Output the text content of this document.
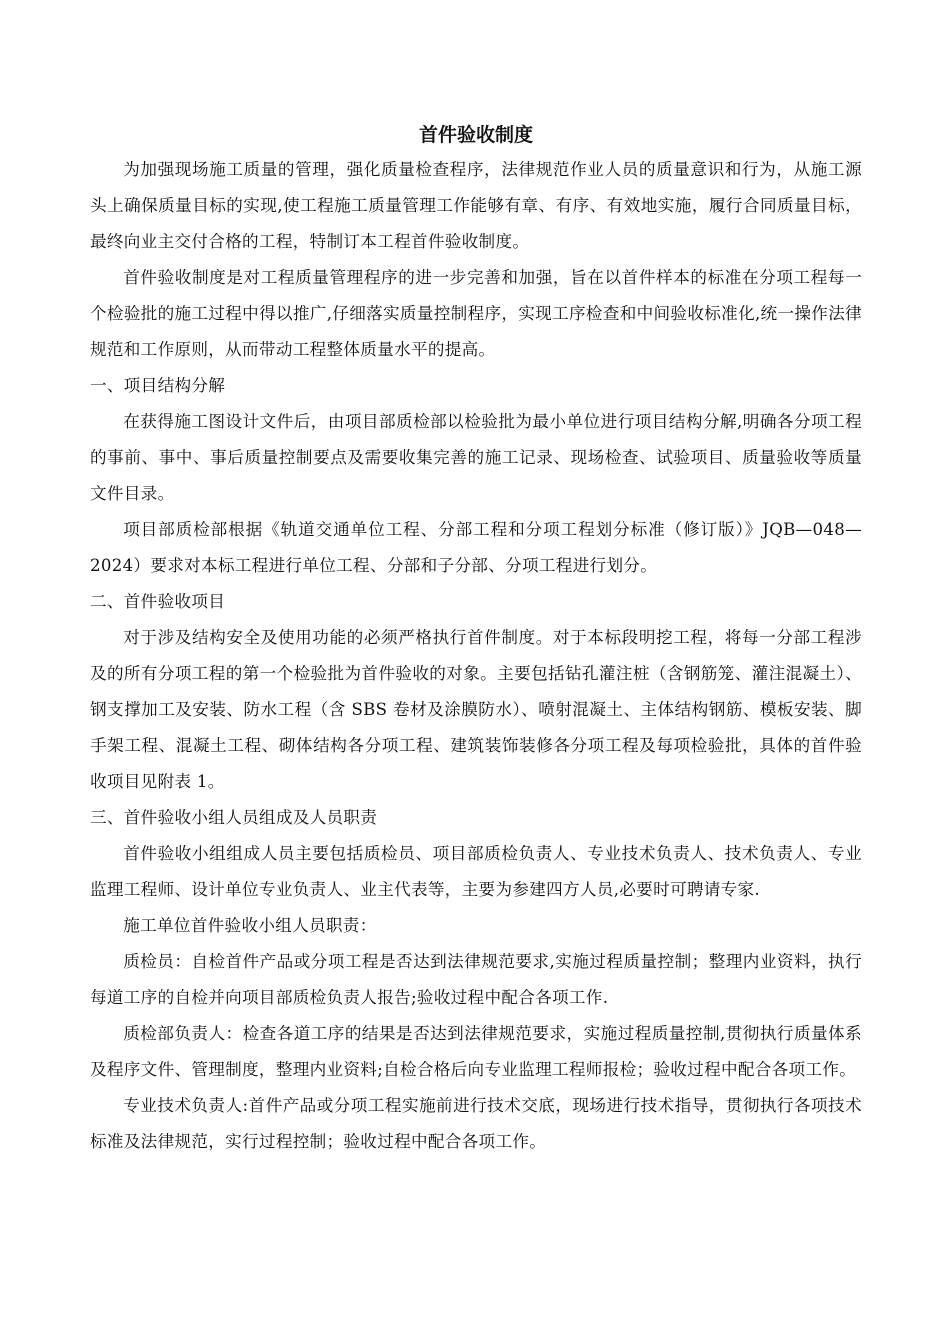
首件验收制度

为加强现场施工质量的管理，强化质量检查程序，法律规范作业人员的质量意识和行为，从施工源头上确保质量目标的实现,使工程施工质量管理工作能够有章、有序、有效地实施，履行合同质量目标，最终向业主交付合格的工程，特制订本工程首件验收制度。

首件验收制度是对工程质量管理程序的进一步完善和加强，旨在以首件样本的标准在分项工程每一个检验批的施工过程中得以推广,仔细落实质量控制程序，实现工序检查和中间验收标准化,统一操作法律规范和工作原则，从而带动工程整体质量水平的提高。

一、项目结构分解

在获得施工图设计文件后，由项目部质检部以检验批为最小单位进行项目结构分解,明确各分项工程的事前、事中、事后质量控制要点及需要收集完善的施工记录、现场检查、试验项目、质量验收等质量文件目录。

项目部质检部根据《轨道交通单位工程、分部工程和分项工程划分标准（修订版）》JQB—048—2024）要求对本标工程进行单位工程、分部和子分部、分项工程进行划分。

二、首件验收项目

对于涉及结构安全及使用功能的必须严格执行首件制度。对于本标段明挖工程，将每一分部工程涉及的所有分项工程的第一个检验批为首件验收的对象。主要包括钻孔灌注桩（含钢筋笼、灌注混凝土）、钢支撑加工及安装、防水工程（含 SBS 卷材及涂膜防水）、喷射混凝土、主体结构钢筋、模板安装、脚手架工程、混凝土工程、砌体结构各分项工程、建筑装饰装修各分项工程及每项检验批，具体的首件验收项目见附表 1。

三、首件验收小组人员组成及人员职责

首件验收小组组成人员主要包括质检员、项目部质检负责人、专业技术负责人、技术负责人、专业监理工程师、设计单位专业负责人、业主代表等，主要为参建四方人员,必要时可聘请专家.

施工单位首件验收小组人员职责：

质检员：自检首件产品或分项工程是否达到法律规范要求,实施过程质量控制；整理内业资料，执行每道工序的自检并向项目部质检负责人报告;验收过程中配合各项工作.

质检部负责人：检查各道工序的结果是否达到法律规范要求，实施过程质量控制,贯彻执行质量体系及程序文件、管理制度，整理内业资料;自检合格后向专业监理工程师报检；验收过程中配合各项工作。

专业技术负责人:首件产品或分项工程实施前进行技术交底，现场进行技术指导，贯彻执行各项技术标准及法律规范，实行过程控制；验收过程中配合各项工作。
